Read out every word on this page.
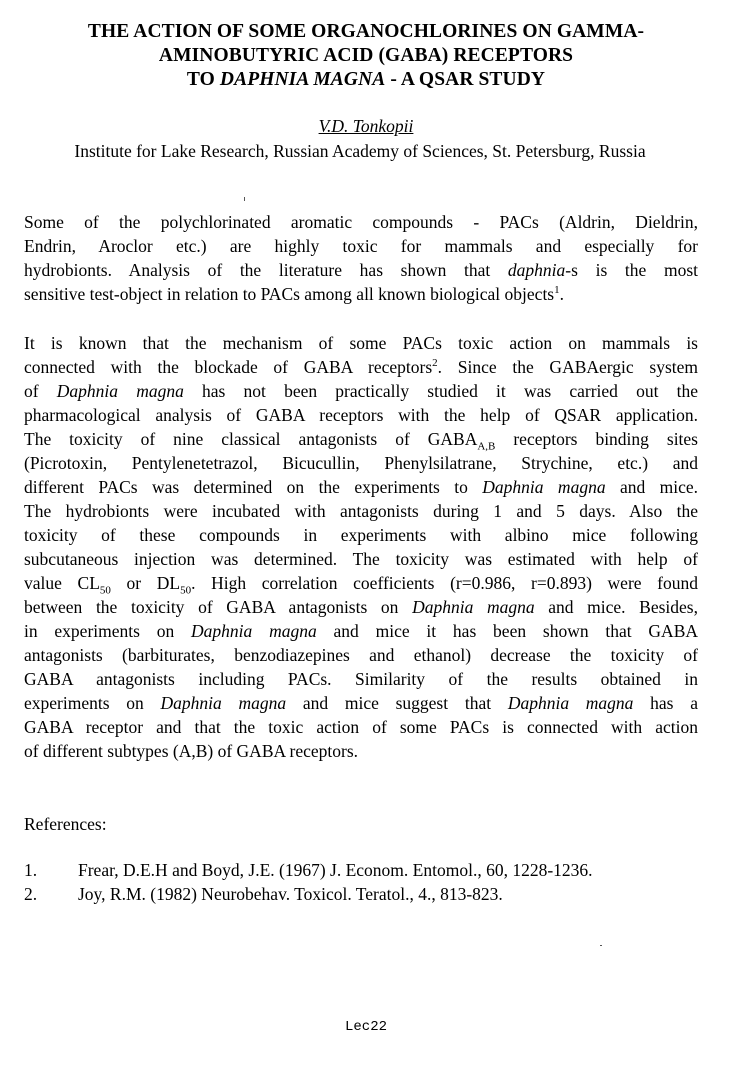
THE ACTION OF SOME ORGANOCHLORINES ON GAMMA-
AMINOBUTYRIC ACID (GABA) RECEPTORS
TO DAPHNIA MAGNA - A QSAR STUDY
V.D. Tonkopii
Institute for Lake Research, Russian Academy of Sciences, St. Petersburg, Russia
Some of the polychlorinated aromatic compounds - PACs (Aldrin, Dieldrin,
Endrin, Aroclor etc.) are highly toxic for mammals and especially for
hydrobionts. Analysis of the literature has shown that daphnia-s is the most
sensitive test-object in relation to PACs among all known biological objects$^1$.
It is known that the mechanism of some PACs toxic action on mammals is
connected with the blockade of GABA receptors$^2$. Since the GABAergic system
of Daphnia magna has not been practically studied it was carried out the
pharmacological analysis of GABA receptors with the help of QSAR application.
The toxicity of nine classical antagonists of $GABA_{A,B}$ receptors binding sites
(Picrotoxin, Pentylenetetrazol, Bicucullin, Phenylsilatrane, Strychine, etc.) and
different PACs was determined on the experiments to Daphnia magna and mice.
The hydrobionts were incubated with antagonists during 1 and 5 days. Also the
toxicity of these compounds in experiments with albino mice following
subcutaneous injection was determined. The toxicity was estimated with help of
value $CL_{50}$ or $DL_{50}$. High correlation coefficients (r=0.986, r=0.893) were found
between the toxicity of GABA antagonists on Daphnia magna and mice. Besides,
in experiments on Daphnia magna and mice it has been shown that GABA
antagonists (barbiturates, benzodiazepines and ethanol) decrease the toxicity of
GABA antagonists including PACs. Similarity of the results obtained in
experiments on Daphnia magna and mice suggest that Daphnia magna has a
GABA receptor and that the toxic action of some PACs is connected with action
of different subtypes (A,B) of GABA receptors.
References:
1. Frear, D.E.H and Boyd, J.E. (1967) J. Econom. Entomol., 60, 1228-1236.
2. Joy, R.M. (1982) Neurobehav. Toxicol. Teratol., 4., 813-823.
Lec22
